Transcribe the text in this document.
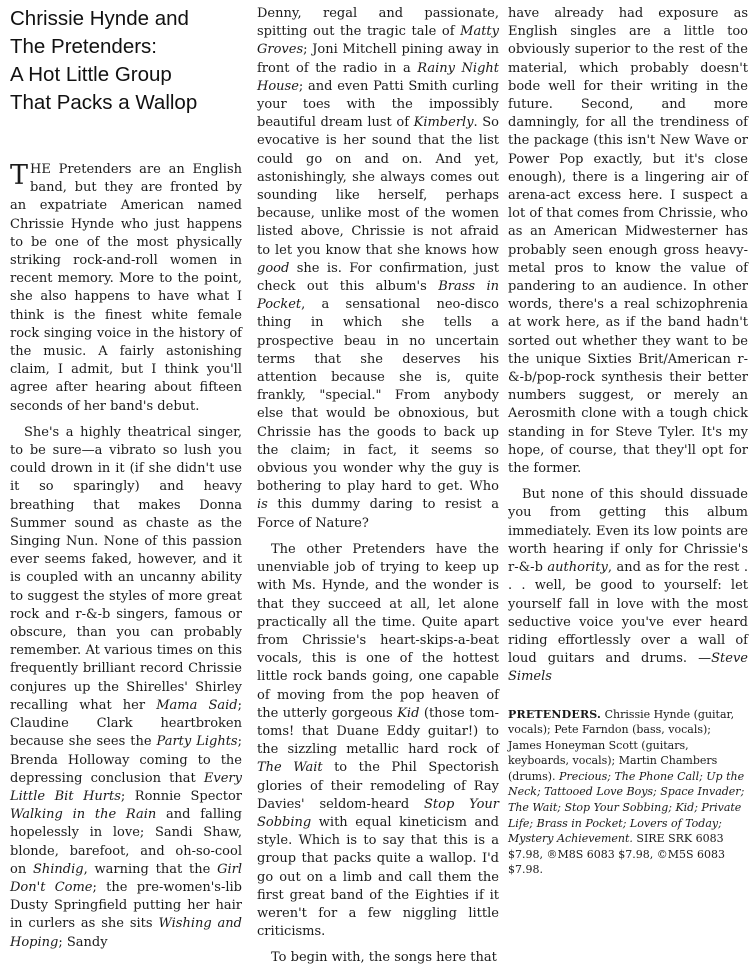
Chrissie Hynde and
The Pretenders:
A Hot Little Group
That Packs a Wallop

THE Pretenders are an English band, but they are fronted by an expatriate American named Chrissie Hynde who just happens to be one of the most physically striking rock-and-roll women in recent memory. More to the point, she also happens to have what I think is the finest white female rock singing voice in the history of the music. A fairly astonishing claim, I admit, but I think you'll agree after hearing about fifteen seconds of her band's debut.

She's a highly theatrical singer, to be sure—a vibrato so lush you could drown in it (if she didn't use it so sparingly) and heavy breathing that makes Donna Summer sound as chaste as the Singing Nun. None of this passion ever seems faked, however, and it is coupled with an uncanny ability to suggest the styles of more great rock and r-&-b singers, famous or obscure, than you can probably remember. At various times on this frequently brilliant record Chrissie conjures up the Shirelles' Shirley recalling what her Mama Said; Claudine Clark heartbroken because she sees the Party Lights; Brenda Holloway coming to the depressing conclusion that Every Little Bit Hurts; Ronnie Spector Walking in the Rain and falling hopelessly in love; Sandi Shaw, blonde, barefoot, and oh-so-cool on Shindig, warning that the Girl Don't Come; the pre-women's-lib Dusty Springfield putting her hair in curlers as she sits Wishing and Hoping; Sandy

Denny, regal and passionate, spitting out the tragic tale of Matty Groves; Joni Mitchell pining away in front of the radio in a Rainy Night House; and even Patti Smith curling your toes with the impossibly beautiful dream lust of Kimberly. So evocative is her sound that the list could go on and on. And yet, astonishingly, she always comes out sounding like herself, perhaps because, unlike most of the women listed above, Chrissie is not afraid to let you know that she knows how good she is. For confirmation, just check out this album's Brass in Pocket, a sensational neo-disco thing in which she tells a prospective beau in no uncertain terms that she deserves his attention because she is, quite frankly, "special." From anybody else that would be obnoxious, but Chrissie has the goods to back up the claim; in fact, it seems so obvious you wonder why the guy is bothering to play hard to get. Who is this dummy daring to resist a Force of Nature?

The other Pretenders have the unenviable job of trying to keep up with Ms. Hynde, and the wonder is that they succeed at all, let alone practically all the time. Quite apart from Chrissie's heart-skips-a-beat vocals, this is one of the hottest little rock bands going, one capable of moving from the pop heaven of the utterly gorgeous Kid (those tom-toms! that Duane Eddy guitar!) to the sizzling metallic hard rock of The Wait to the Phil Spectorish glories of their remodeling of Ray Davies' seldom-heard Stop Your Sobbing with equal kineticism and style. Which is to say that this is a group that packs quite a wallop. I'd go out on a limb and call them the first great band of the Eighties if it weren't for a few niggling little criticisms.

To begin with, the songs here that

have already had exposure as English singles are a little too obviously superior to the rest of the material, which probably doesn't bode well for their writing in the future. Second, and more damningly, for all the trendiness of the package (this isn't New Wave or Power Pop exactly, but it's close enough), there is a lingering air of arena-act excess here. I suspect a lot of that comes from Chrissie, who as an American Midwesterner has probably seen enough gross heavy-metal pros to know the value of pandering to an audience. In other words, there's a real schizophrenia at work here, as if the band hadn't sorted out whether they want to be the unique Sixties Brit/American r-&-b/pop-rock synthesis their better numbers suggest, or merely an Aerosmith clone with a tough chick standing in for Steve Tyler. It's my hope, of course, that they'll opt for the former.

But none of this should dissuade you from getting this album immediately. Even its low points are worth hearing if only for Chrissie's r-&-b authority, and as for the rest . . . well, be good to yourself: let yourself fall in love with the most seductive voice you've ever heard riding effortlessly over a wall of loud guitars and drums. —Steve Simels

PRETENDERS. Chrissie Hynde (guitar, vocals); Pete Farndon (bass, vocals); James Honeyman Scott (guitars, keyboards, vocals); Martin Chambers (drums). Precious; The Phone Call; Up the Neck; Tattooed Love Boys; Space Invader; The Wait; Stop Your Sobbing; Kid; Private Life; Brass in Pocket; Lovers of Today; Mystery Achievement. SIRE SRK 6083 $7.98, ®M8S 6083 $7.98, ©M5S 6083 $7.98.
